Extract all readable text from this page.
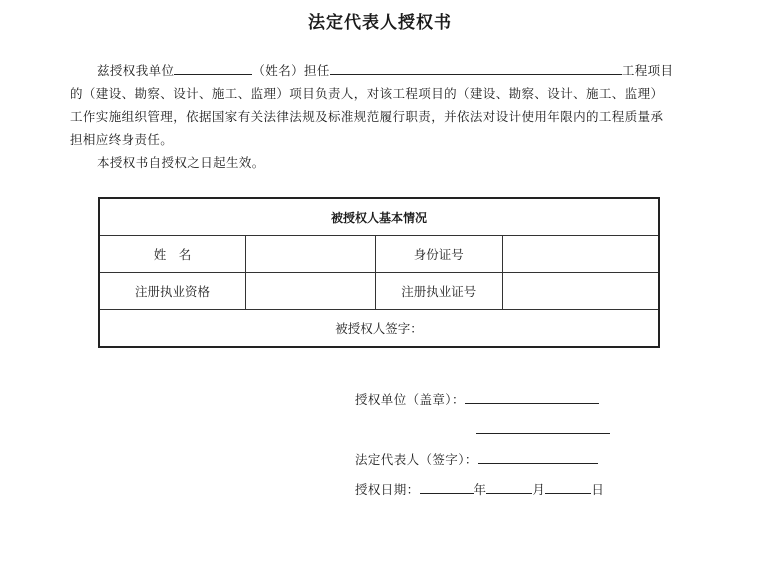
法定代表人授权书
兹授权我单位	（姓名）担任	工程项目
的（建设、勘察、设计、施工、监理）项目负责人，对该工程项目的（建设、勘察、设计、施工、监理）
工作实施组织管理，依据国家有关法律法规及标准规范履行职责，并依法对设计使用年限内的工程质量承
担相应终身责任。
本授权书自授权之日起生效。
被授权人基本情况			
姓　名		身份证号	
注册执业资格		注册执业证号	
被授权人签字：			
授权单位（盖章）：
法定代表人（签字）：
授权日期：	年	月	日
